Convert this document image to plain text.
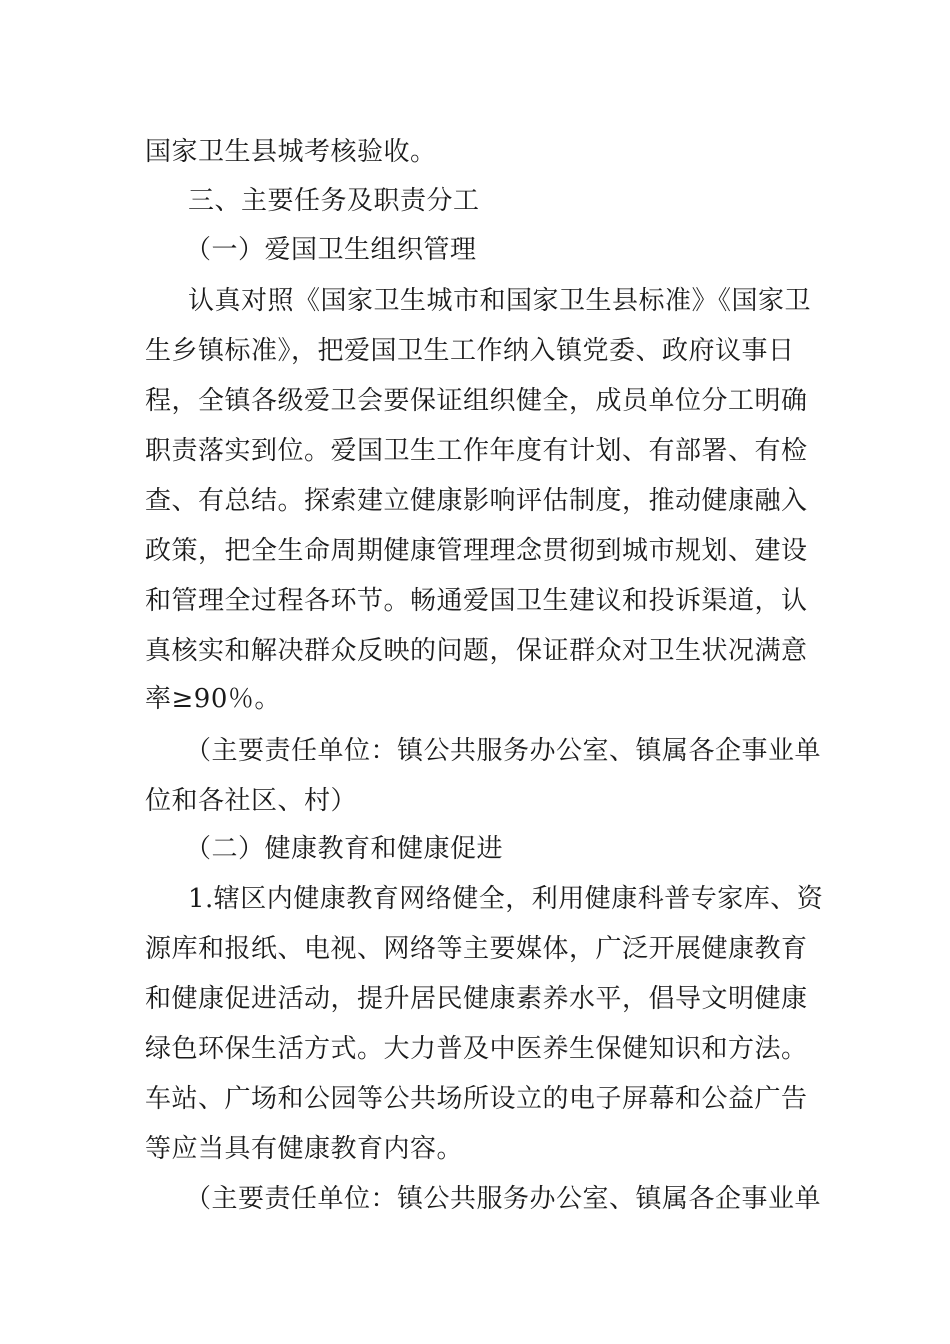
国家卫生县城考核验收。
三、主要任务及职责分工
（一）爱国卫生组织管理
认真对照《国家卫生城市和国家卫生县标准》《国家卫
生乡镇标准》，把爱国卫生工作纳入镇党委、政府议事日
程，全镇各级爱卫会要保证组织健全，成员单位分工明确
职责落实到位。爱国卫生工作年度有计划、有部署、有检
查、有总结。探索建立健康影响评估制度，推动健康融入
政策，把全生命周期健康管理理念贯彻到城市规划、建设
和管理全过程各环节。畅通爱国卫生建议和投诉渠道，认
真核实和解决群众反映的问题，保证群众对卫生状况满意
率≥90％。
（主要责任单位：镇公共服务办公室、镇属各企事业单
位和各社区、村）
（二）健康教育和健康促进
1.辖区内健康教育网络健全，利用健康科普专家库、资
源库和报纸、电视、网络等主要媒体，广泛开展健康教育
和健康促进活动，提升居民健康素养水平，倡导文明健康
绿色环保生活方式。大力普及中医养生保健知识和方法。
车站、广场和公园等公共场所设立的电子屏幕和公益广告
等应当具有健康教育内容。
（主要责任单位：镇公共服务办公室、镇属各企事业单
